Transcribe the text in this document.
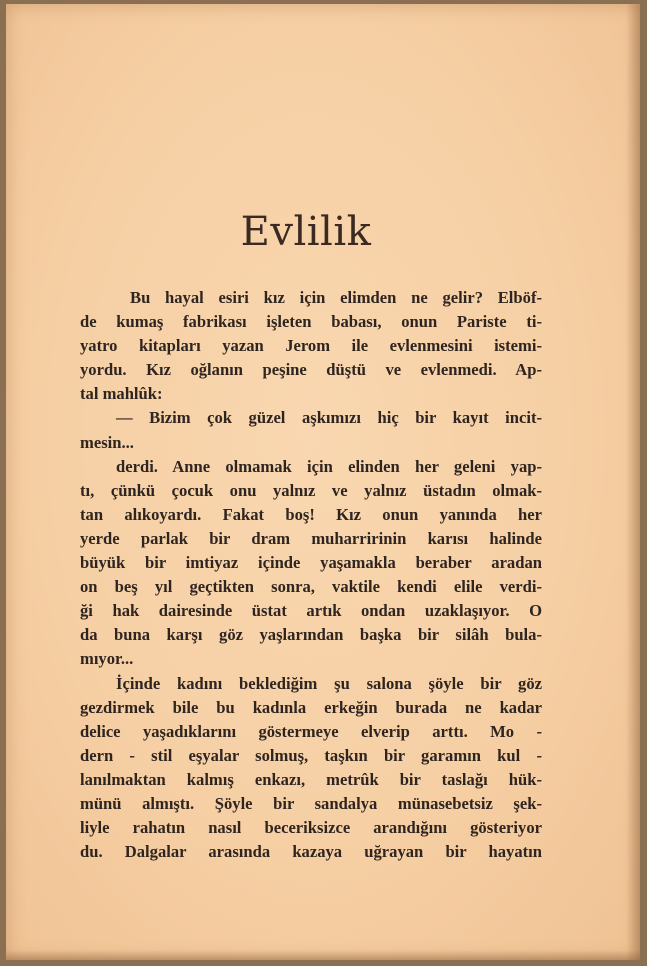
Evlilik
Bu hayal esiri kız için elimden ne gelir? Elböf-
de kumaş fabrikası işleten babası, onun Pariste ti-
yatro kitapları yazan Jerom ile evlenmesini istemi-
yordu. Kız oğlanın peşine düştü ve evlenmedi. Ap-
tal mahlûk:
— Bizim çok güzel aşkımızı hiç bir kayıt incit-
mesin...
derdi. Anne olmamak için elinden her geleni yap-
tı, çünkü çocuk onu yalnız ve yalnız üstadın olmak-
tan alıkoyardı. Fakat boş! Kız onun yanında her
yerde parlak bir dram muharririnin karısı halinde
büyük bir imtiyaz içinde yaşamakla beraber aradan
on beş yıl geçtikten sonra, vaktile kendi elile verdi-
ği hak dairesinde üstat artık ondan uzaklaşıyor. O
da buna karşı göz yaşlarından başka bir silâh bula-
mıyor...
İçinde kadını beklediğim şu salona şöyle bir göz
gezdirmek bile bu kadınla erkeğin burada ne kadar
delice yaşadıklarını göstermeye elverip arttı. Mo -
dern - stil eşyalar solmuş, taşkın bir garamın kul -
lanılmaktan kalmış enkazı, metrûk bir taslağı hük-
münü almıştı. Şöyle bir sandalya münasebetsiz şek-
liyle rahatın nasıl beceriksizce arandığını gösteriyor
du. Dalgalar arasında kazaya uğrayan bir hayatın
